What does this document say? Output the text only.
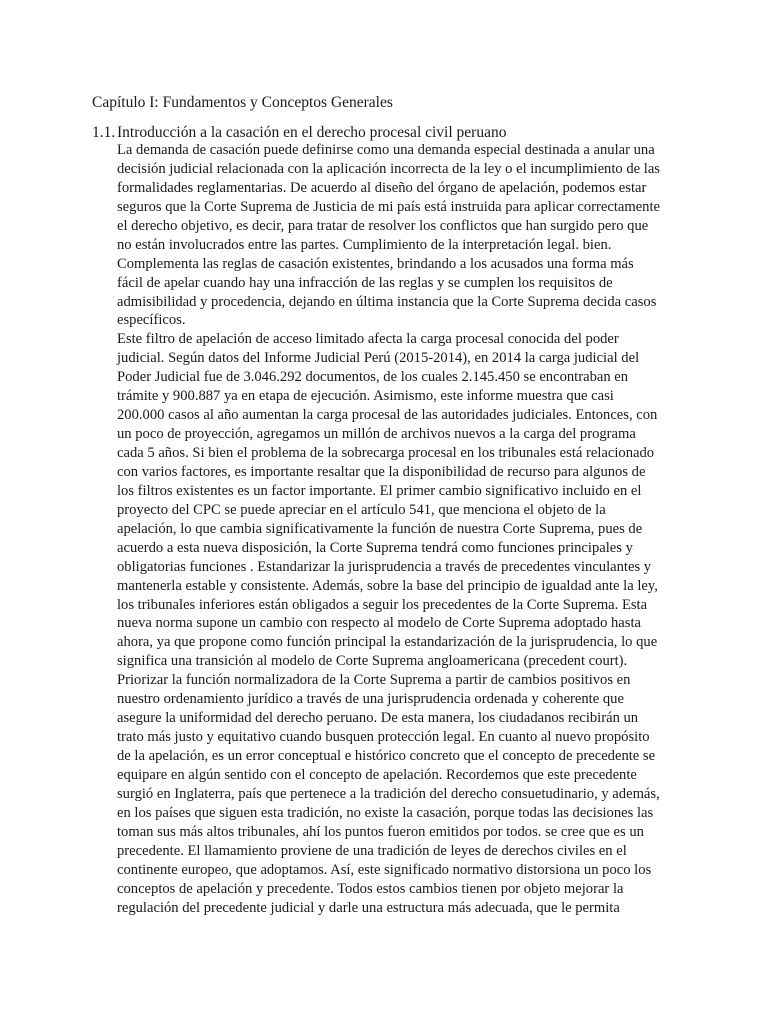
Capítulo I: Fundamentos y Conceptos Generales
1.1. Introducción a la casación en el derecho procesal civil peruano
La demanda de casación puede definirse como una demanda especial destinada a anular una
decisión judicial relacionada con la aplicación incorrecta de la ley o el incumplimiento de las
formalidades reglamentarias. De acuerdo al diseño del órgano de apelación, podemos estar
seguros que la Corte Suprema de Justicia de mi país está instruida para aplicar correctamente
el derecho objetivo, es decir, para tratar de resolver los conflictos que han surgido pero que
no están involucrados entre las partes. Cumplimiento de la interpretación legal. bien.
Complementa las reglas de casación existentes, brindando a los acusados una forma más
fácil de apelar cuando hay una infracción de las reglas y se cumplen los requisitos de
admisibilidad y procedencia, dejando en última instancia que la Corte Suprema decida casos
específicos.
Este filtro de apelación de acceso limitado afecta la carga procesal conocida del poder
judicial. Según datos del Informe Judicial Perú (2015-2014), en 2014 la carga judicial del
Poder Judicial fue de 3.046.292 documentos, de los cuales 2.145.450 se encontraban en
trámite y 900.887 ya en etapa de ejecución. Asimismo, este informe muestra que casi
200.000 casos al año aumentan la carga procesal de las autoridades judiciales. Entonces, con
un poco de proyección, agregamos un millón de archivos nuevos a la carga del programa
cada 5 años. Si bien el problema de la sobrecarga procesal en los tribunales está relacionado
con varios factores, es importante resaltar que la disponibilidad de recurso para algunos de
los filtros existentes es un factor importante. El primer cambio significativo incluido en el
proyecto del CPC se puede apreciar en el artículo 541, que menciona el objeto de la
apelación, lo que cambia significativamente la función de nuestra Corte Suprema, pues de
acuerdo a esta nueva disposición, la Corte Suprema tendrá como funciones principales y
obligatorias funciones . Estandarizar la jurisprudencia a través de precedentes vinculantes y
mantenerla estable y consistente. Además, sobre la base del principio de igualdad ante la ley,
los tribunales inferiores están obligados a seguir los precedentes de la Corte Suprema. Esta
nueva norma supone un cambio con respecto al modelo de Corte Suprema adoptado hasta
ahora, ya que propone como función principal la estandarización de la jurisprudencia, lo que
significa una transición al modelo de Corte Suprema angloamericana (precedent court).
Priorizar la función normalizadora de la Corte Suprema a partir de cambios positivos en
nuestro ordenamiento jurídico a través de una jurisprudencia ordenada y coherente que
asegure la uniformidad del derecho peruano. De esta manera, los ciudadanos recibirán un
trato más justo y equitativo cuando busquen protección legal. En cuanto al nuevo propósito
de la apelación, es un error conceptual e histórico concreto que el concepto de precedente se
equipare en algún sentido con el concepto de apelación. Recordemos que este precedente
surgió en Inglaterra, país que pertenece a la tradición del derecho consuetudinario, y además,
en los países que siguen esta tradición, no existe la casación, porque todas las decisiones las
toman sus más altos tribunales, ahí los puntos fueron emitidos por todos. se cree que es un
precedente. El llamamiento proviene de una tradición de leyes de derechos civiles en el
continente europeo, que adoptamos. Así, este significado normativo distorsiona un poco los
conceptos de apelación y precedente. Todos estos cambios tienen por objeto mejorar la
regulación del precedente judicial y darle una estructura más adecuada, que le permita
